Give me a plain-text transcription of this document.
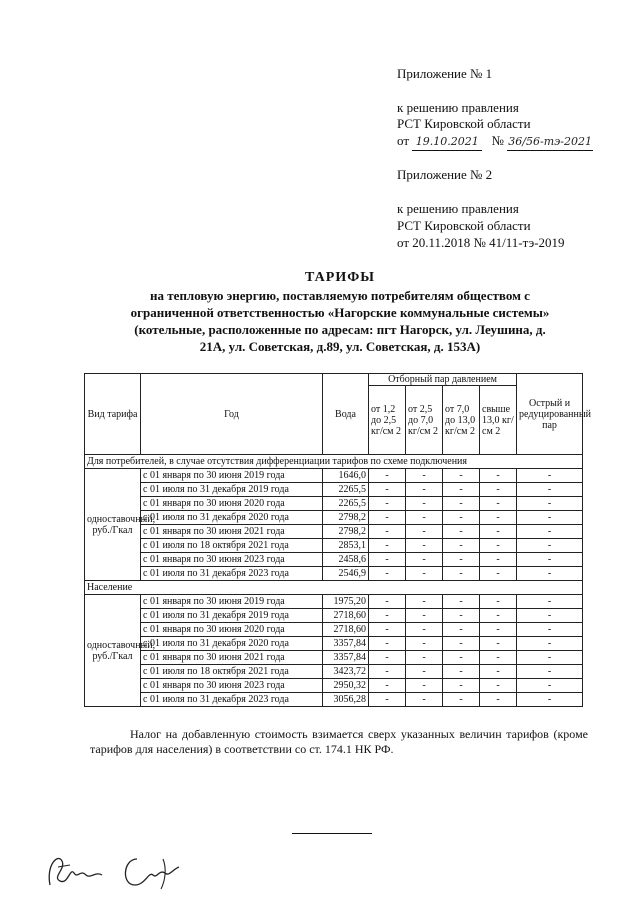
Приложение № 1
к решению правления
РСТ Кировской области
от 19.10.2021 № 36/56-тэ-2021
Приложение № 2
к решению правления
РСТ Кировской области
от 20.11.2018 № 41/11-тэ-2019
ТАРИФЫ
на тепловую энергию, поставляемую потребителям обществом с ограниченной ответственностью «Нагорские коммунальные системы» (котельные, расположенные по адресам: пгт Нагорск, ул. Леушина, д. 21А, ул. Советская, д.89, ул. Советская, д. 153А)
Вид тарифа	Год	Вода	Отборный пар давлением				Острый и редуцированный пар
			от 1,2 до 2,5 кг/см 2	от 2,5 до 7,0 кг/см 2	от 7,0 до 13,0 кг/см 2	свыше 13,0 кг/см 2	
Для потребителей, в случае отсутствия дифференциации тарифов по схеме подключения							
одноставочный, руб./Гкал	с 01 января по 30 июня 2019 года	1646,0	-	-	-	-	-
	с 01 июля по 31 декабря 2019 года	2265,5	-	-	-	-	-
	с 01 января по 30 июня 2020 года	2265,5	-	-	-	-	-
	с 01 июля по 31 декабря 2020 года	2798,2	-	-	-	-	-
	с 01 января по 30 июня 2021 года	2798,2	-	-	-	-	-
	с 01 июля по 18 октября 2021 года	2853,1	-	-	-	-	-
	с 01 января по 30 июня 2023 года	2458,6	-	-	-	-	-
	с 01 июля по 31 декабря 2023 года	2546,9	-	-	-	-	-
Население							
одноставочный, руб./Гкал	с 01 января по 30 июня 2019 года	1975,20	-	-	-	-	-
	с 01 июля по 31 декабря 2019 года	2718,60	-	-	-	-	-
	с 01 января по 30 июня 2020 года	2718,60	-	-	-	-	-
	с 01 июля по 31 декабря 2020 года	3357,84	-	-	-	-	-
	с 01 января по 30 июня 2021 года	3357,84	-	-	-	-	-
	с 01 июля по 18 октября 2021 года	3423,72	-	-	-	-	-
	с 01 января по 30 июня 2023 года	2950,32	-	-	-	-	-
	с 01 июля по 31 декабря 2023 года	3056,28	-	-	-	-	-
Налог на добавленную стоимость взимается сверх указанных величин тарифов (кроме тарифов для населения) в соответствии со ст. 174.1 НК РФ.
